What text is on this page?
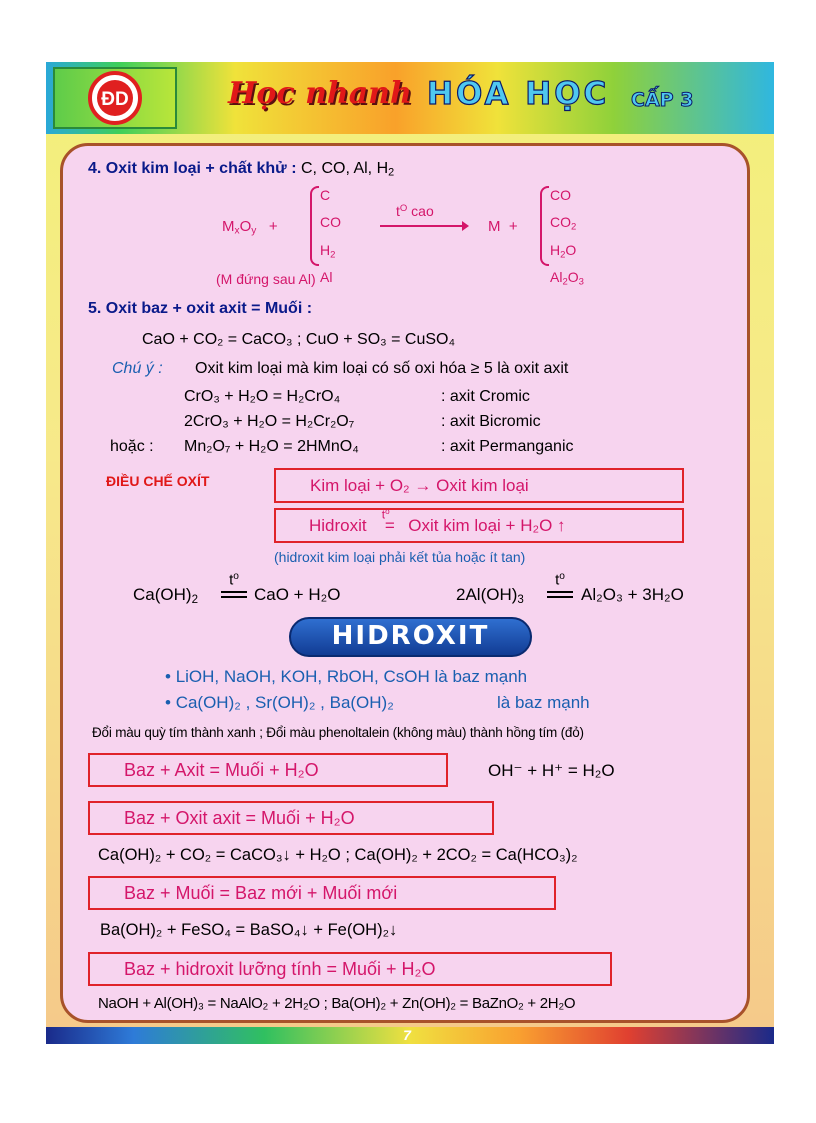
ĐD	Học nhanh HÓA HỌC CẤP 3
4. Oxit kim loại + chất khử : C, CO, Al, $H_2$
$M_xO_y$ +
C
CO
$H_2$
Al
$t^O$ cao
M +
CO
$CO_2$
$H_2O$
$Al_2O_3$
(M đứng sau Al)
5. Oxit baz + oxit axit = Muối :
CaO + CO₂ = CaCO₃ ; CuO + SO₃ = CuSO₄
Chú ý : Oxit kim loại mà kim loại có số oxi hóa ≥ 5 là oxit axit
CrO₃ + H₂O = H₂CrO₄	: axit Cromic
2CrO₃ + H₂O = H₂Cr₂O₇	: axit Bicromic
hoặc : Mn₂O₇ + H₂O = 2HMnO₄	: axit Permanganic
ĐIỀU CHẾ OXÍT	Kim loại + O₂ → Oxit kim loại
Hidroxit
$t^o$
= Oxit kim loại + H₂O ↑
(hidroxit kim loại phải kết tủa hoặc ít tan)
$Ca(OH)_2$
$t^o$
CaO + H₂O	$2Al(OH)_3$
$t^o$
Al₂O₃ + 3H₂O
HIDROXIT
• LiOH, NaOH, KOH, RbOH, CsOH là baz mạnh
• Ca(OH)₂ , Sr(OH)₂ , Ba(OH)₂	là baz mạnh
Đổi màu quỳ tím thành xanh ; Đổi màu phenoltalein (không màu) thành hồng tím (đỏ)
Baz + Axit = Muối + H₂O	OH⁻ + H⁺ = H₂O
Baz + Oxit axit = Muối + H₂O
Ca(OH)₂ + CO₂ = CaCO₃↓ + H₂O ; Ca(OH)₂ + 2CO₂ = Ca(HCO₃)₂
Baz + Muối = Baz mới + Muối mới
Ba(OH)₂ + FeSO₄ = BaSO₄↓ + Fe(OH)₂↓
Baz + hidroxit lưỡng tính = Muối + H₂O
NaOH + Al(OH)₃ = NaAlO₂ + 2H₂O ; Ba(OH)₂ + Zn(OH)₂ = BaZnO₂ + 2H₂O
7
